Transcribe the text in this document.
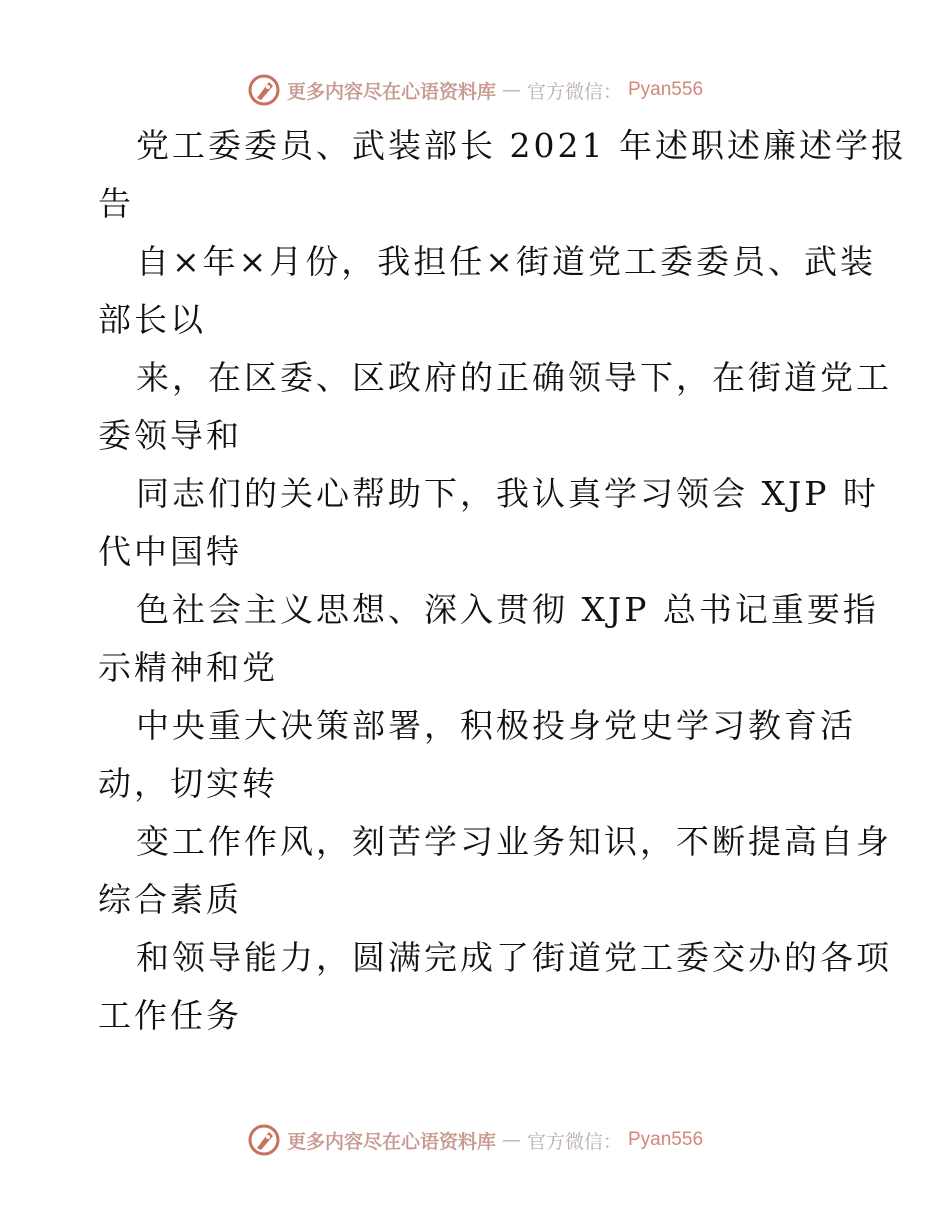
更多内容尽在心语资料库 — 官方微信： Pyan556
党工委委员、武装部长 2021 年述职述廉述学报
告
自×年×月份，我担任×街道党工委委员、武装
部长以
来，在区委、区政府的正确领导下，在街道党工
委领导和
同志们的关心帮助下，我认真学习领会 XJP 时
代中国特
色社会主义思想、深入贯彻 XJP 总书记重要指
示精神和党
中央重大决策部署，积极投身党史学习教育活
动，切实转
变工作作风，刻苦学习业务知识，不断提高自身
综合素质
和领导能力，圆满完成了街道党工委交办的各项
工作任务
更多内容尽在心语资料库 — 官方微信： Pyan556
